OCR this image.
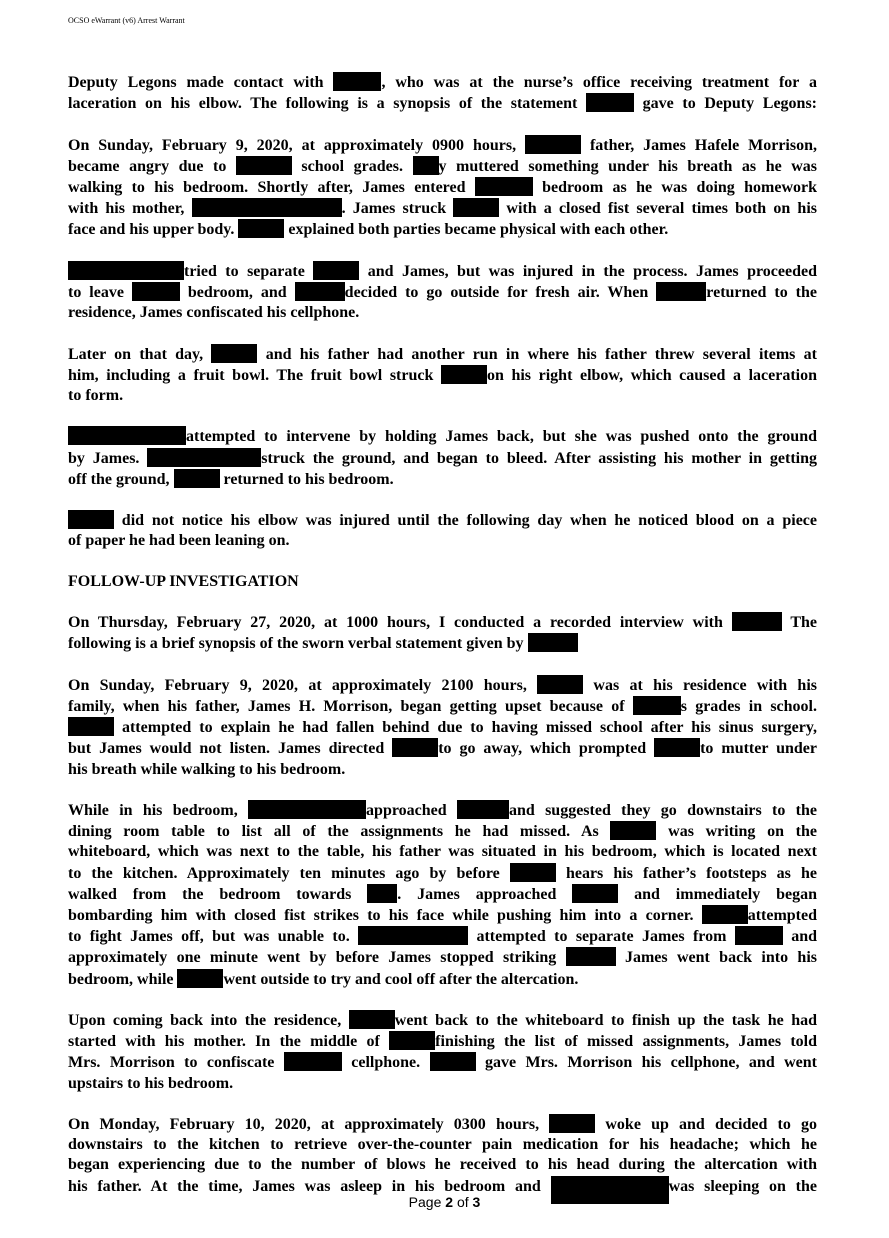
OCSO eWarrant (v6) Arrest Warrant
Deputy Legons made contact with	, who was at the nurse’s office receiving treatment for a
laceration on his elbow. The following is a synopsis of the statement	gave to Deputy Legons:
On Sunday, February 9, 2020, at approximately 0900 hours,	father, James Hafele Morrison,
became angry due to	school grades. y muttered something under his breath as he was
walking to his bedroom. Shortly after, James entered	bedroom as he was doing homework
with his mother,	. James struck	with a closed fist several times both on his
face and his upper body.	explained both parties became physical with each other.
tried to separate	and James, but was injured in the process. James proceeded
to leave	bedroom, and	decided to go outside for fresh air. When	returned to the
residence, James confiscated his cellphone.
Later on that day,	and his father had another run in where his father threw several items at
him, including a fruit bowl. The fruit bowl struck	on his right elbow, which caused a laceration
to form.
attempted to intervene by holding James back, but she was pushed onto the ground
by James.	struck the ground, and began to bleed. After assisting his mother in getting
off the ground,	returned to his bedroom.
did not notice his elbow was injured until the following day when he noticed blood on a piece
of paper he had been leaning on.
FOLLOW-UP INVESTIGATION
On Thursday, February 27, 2020, at 1000 hours, I conducted a recorded interview with	The
following is a brief synopsis of the sworn verbal statement given by
On Sunday, February 9, 2020, at approximately 2100 hours,	was at his residence with his
family, when his father, James H. Morrison, began getting upset because of	s grades in school.
attempted to explain he had fallen behind due to having missed school after his sinus surgery,
but James would not listen. James directed	to go away, which prompted	to mutter under
his breath while walking to his bedroom.
While in his bedroom,	approached	and suggested they go downstairs to the
dining room table to list all of the assignments he had missed. As	was writing on the
whiteboard, which was next to the table, his father was situated in his bedroom, which is located next
to the kitchen. Approximately ten minutes ago by before	hears his father’s footsteps as he
walked from the bedroom towards . James approached	and immediately began
bombarding him with closed fist strikes to his face while pushing him into a corner.	attempted
to fight James off, but was unable to.	attempted to separate James from	and
approximately one minute went by before James stopped striking	James went back into his
bedroom, while	went outside to try and cool off after the altercation.
Upon coming back into the residence,	went back to the whiteboard to finish up the task he had
started with his mother. In the middle of	finishing the list of missed assignments, James told
Mrs. Morrison to confiscate	cellphone.	gave Mrs. Morrison his cellphone, and went
upstairs to his bedroom.
On Monday, February 10, 2020, at approximately 0300 hours,	woke up and decided to go
downstairs to the kitchen to retrieve over-the-counter pain medication for his headache; which he
began experiencing due to the number of blows he received to his head during the altercation with
his father. At the time, James was asleep in his bedroom and	was sleeping on the
Page 2 of 3
